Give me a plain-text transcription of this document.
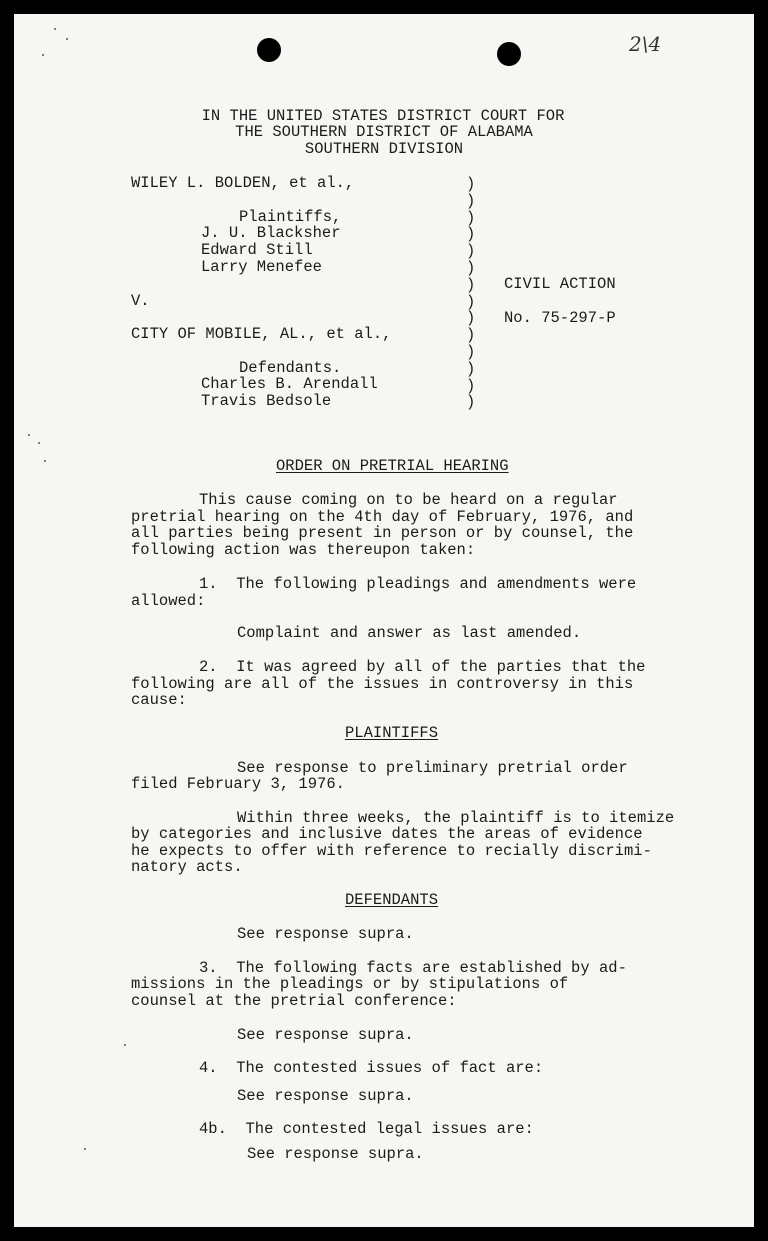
2\4
IN THE UNITED STATES DISTRICT COURT FOR
THE SOUTHERN DISTRICT OF ALABAMA
SOUTHERN DIVISION
WILEY L. BOLDEN, et al.,
Plaintiffs,
J. U. Blacksher
Edward Still
Larry Menefee
V.
CITY OF MOBILE, AL., et al.,
Defendants.
Charles B. Arendall
Travis Bedsole
)
)
)
)
)
)
)
)
)
)
)
)
)
)
CIVIL ACTION
No. 75-297-P
ORDER ON PRETRIAL HEARING
This cause coming on to be heard on a regular
pretrial hearing on the 4th day of February, 1976, and
all parties being present in person or by counsel, the
following action was thereupon taken:
1.  The following pleadings and amendments were
allowed:
Complaint and answer as last amended.
2.  It was agreed by all of the parties that the
following are all of the issues in controversy in this
cause:
PLAINTIFFS
See response to preliminary pretrial order
filed February 3, 1976.
Within three weeks, the plaintiff is to itemize
by categories and inclusive dates the areas of evidence
he expects to offer with reference to recially discrimi-
natory acts.
DEFENDANTS
See response supra.
3.  The following facts are established by ad-
missions in the pleadings or by stipulations of
counsel at the pretrial conference:
See response supra.
4.  The contested issues of fact are:
See response supra.
4b.  The contested legal issues are:
See response supra.
